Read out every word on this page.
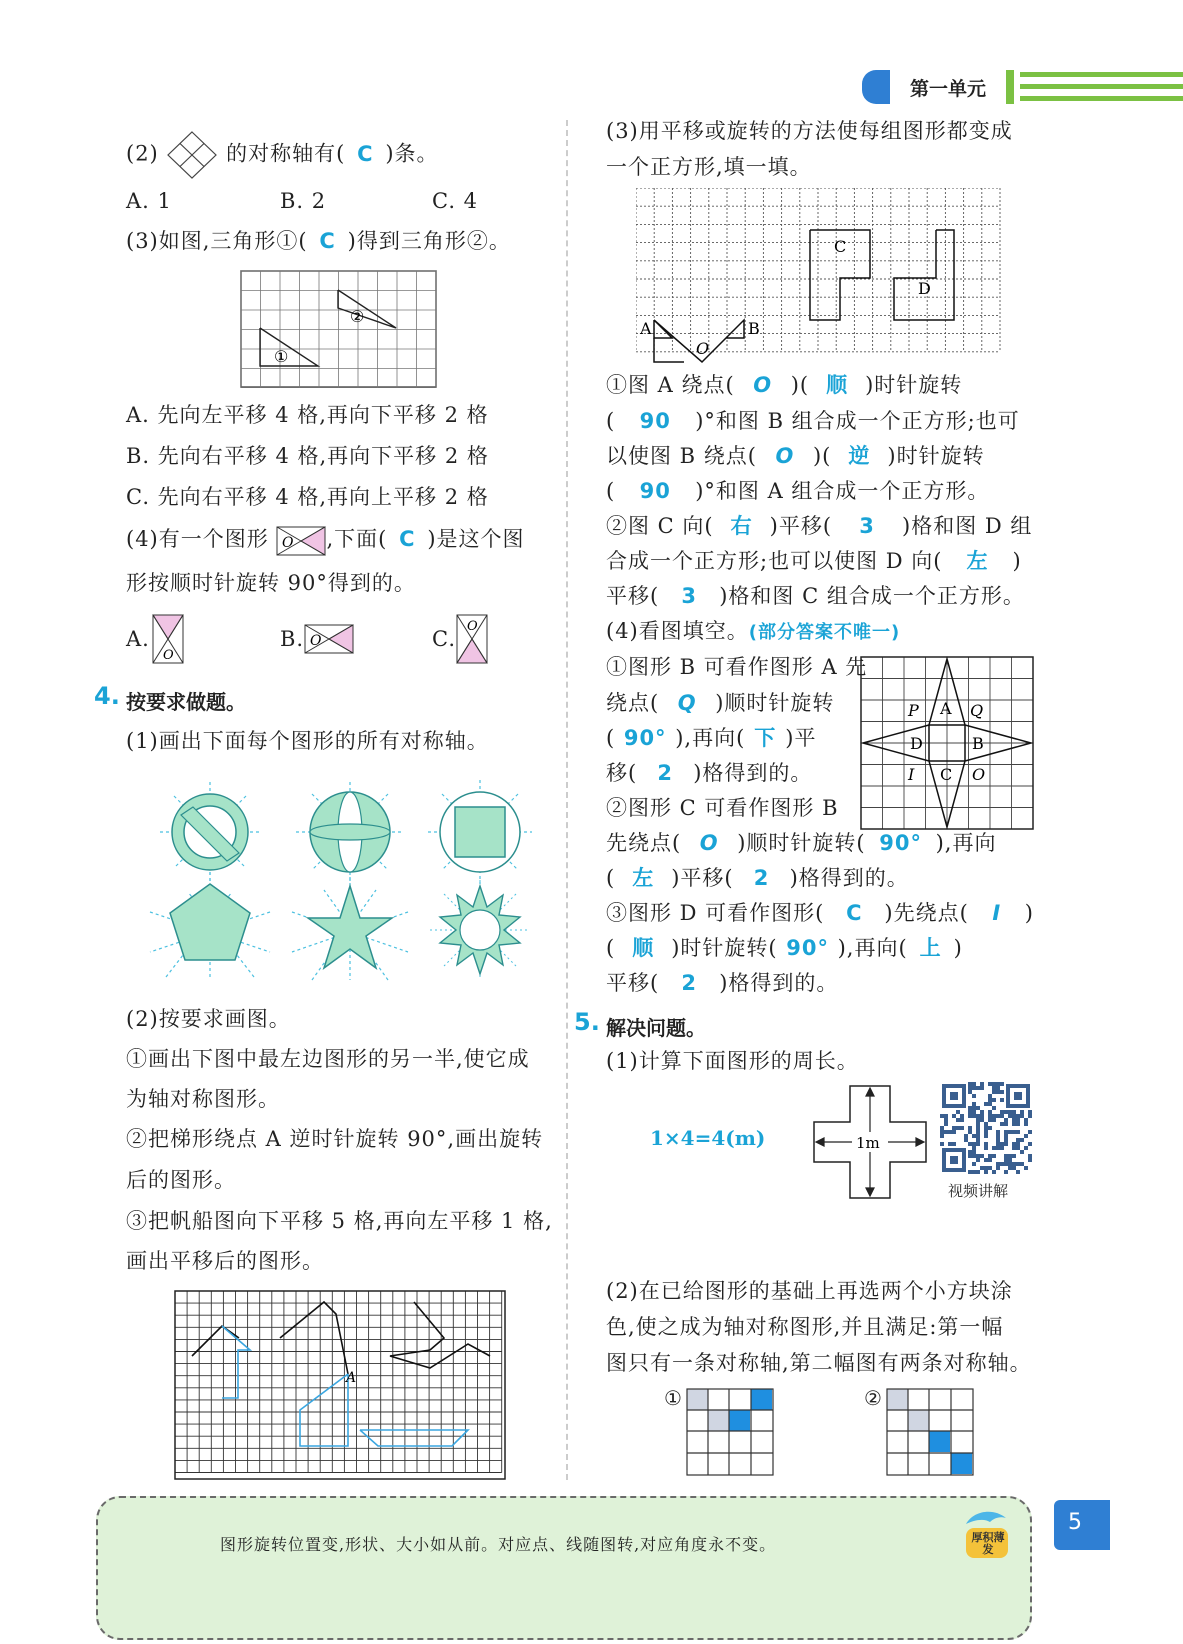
第一单元
(2)	的对称轴有( C )条。
A. 1	B. 2	C. 4
(3)如图,三角形①( C )得到三角形②。
①
②
A. 先向左平移 4 格,再向下平移 2 格
B. 先向右平移 4 格,再向下平移 2 格
C. 先向右平移 4 格,再向上平移 2 格
(4)有一个图形 O ,下面( C )是这个图
形按顺时针旋转 90°得到的。
A.
O
B. O	C.
O
4. 按要求做题。
(1)画出下面每个图形的所有对称轴。
(2)按要求画图。
①画出下图中最左边图形的另一半,使它成
为轴对称图形。
②把梯形绕点 A 逆时针旋转 90°,画出旋转
后的图形。
③把帆船图向下平移 5 格,再向左平移 1 格,
画出平移后的图形。
A
(3)用平移或旋转的方法使每组图形都变成
一个正方形,填一填。
A	B
O
C
D
①图 A 绕点( O )( 顺 )时针旋转
( 90 )°和图 B 组合成一个正方形;也可
以使图 B 绕点( O )( 逆 )时针旋转
( 90 )°和图 A 组合成一个正方形。
②图 C 向( 右 )平移( 3 )格和图 D 组
合成一个正方形;也可以使图 D 向( 左 )
平移( 3 )格和图 C 组合成一个正方形。
(4)看图填空。(部分答案不唯一)
P A Q
D	B
I C O
①图形 B 可看作图形 A 先
绕点( Q )顺时针旋转
( 90° ),再向( 下 )平
移( 2 )格得到的。
②图形 C 可看作图形 B
先绕点( O )顺时针旋转( 90° ),再向
( 左 )平移( 2 )格得到的。
③图形 D 可看作图形( C )先绕点( I )
( 顺 )时针旋转( 90° ),再向( 上 )
平移( 2 )格得到的。
5. 解决问题。
(1)计算下面图形的周长。
1×4=4(m)	1m
视频讲解
(2)在已给图形的基础上再选两个小方块涂
色,使之成为轴对称图形,并且满足:第一幅
图只有一条对称轴,第二幅图有两条对称轴。
①	②
图形旋转位置变,形状、大小如从前。对应点、线随图转,对应角度永不变。	厚积薄发
5
